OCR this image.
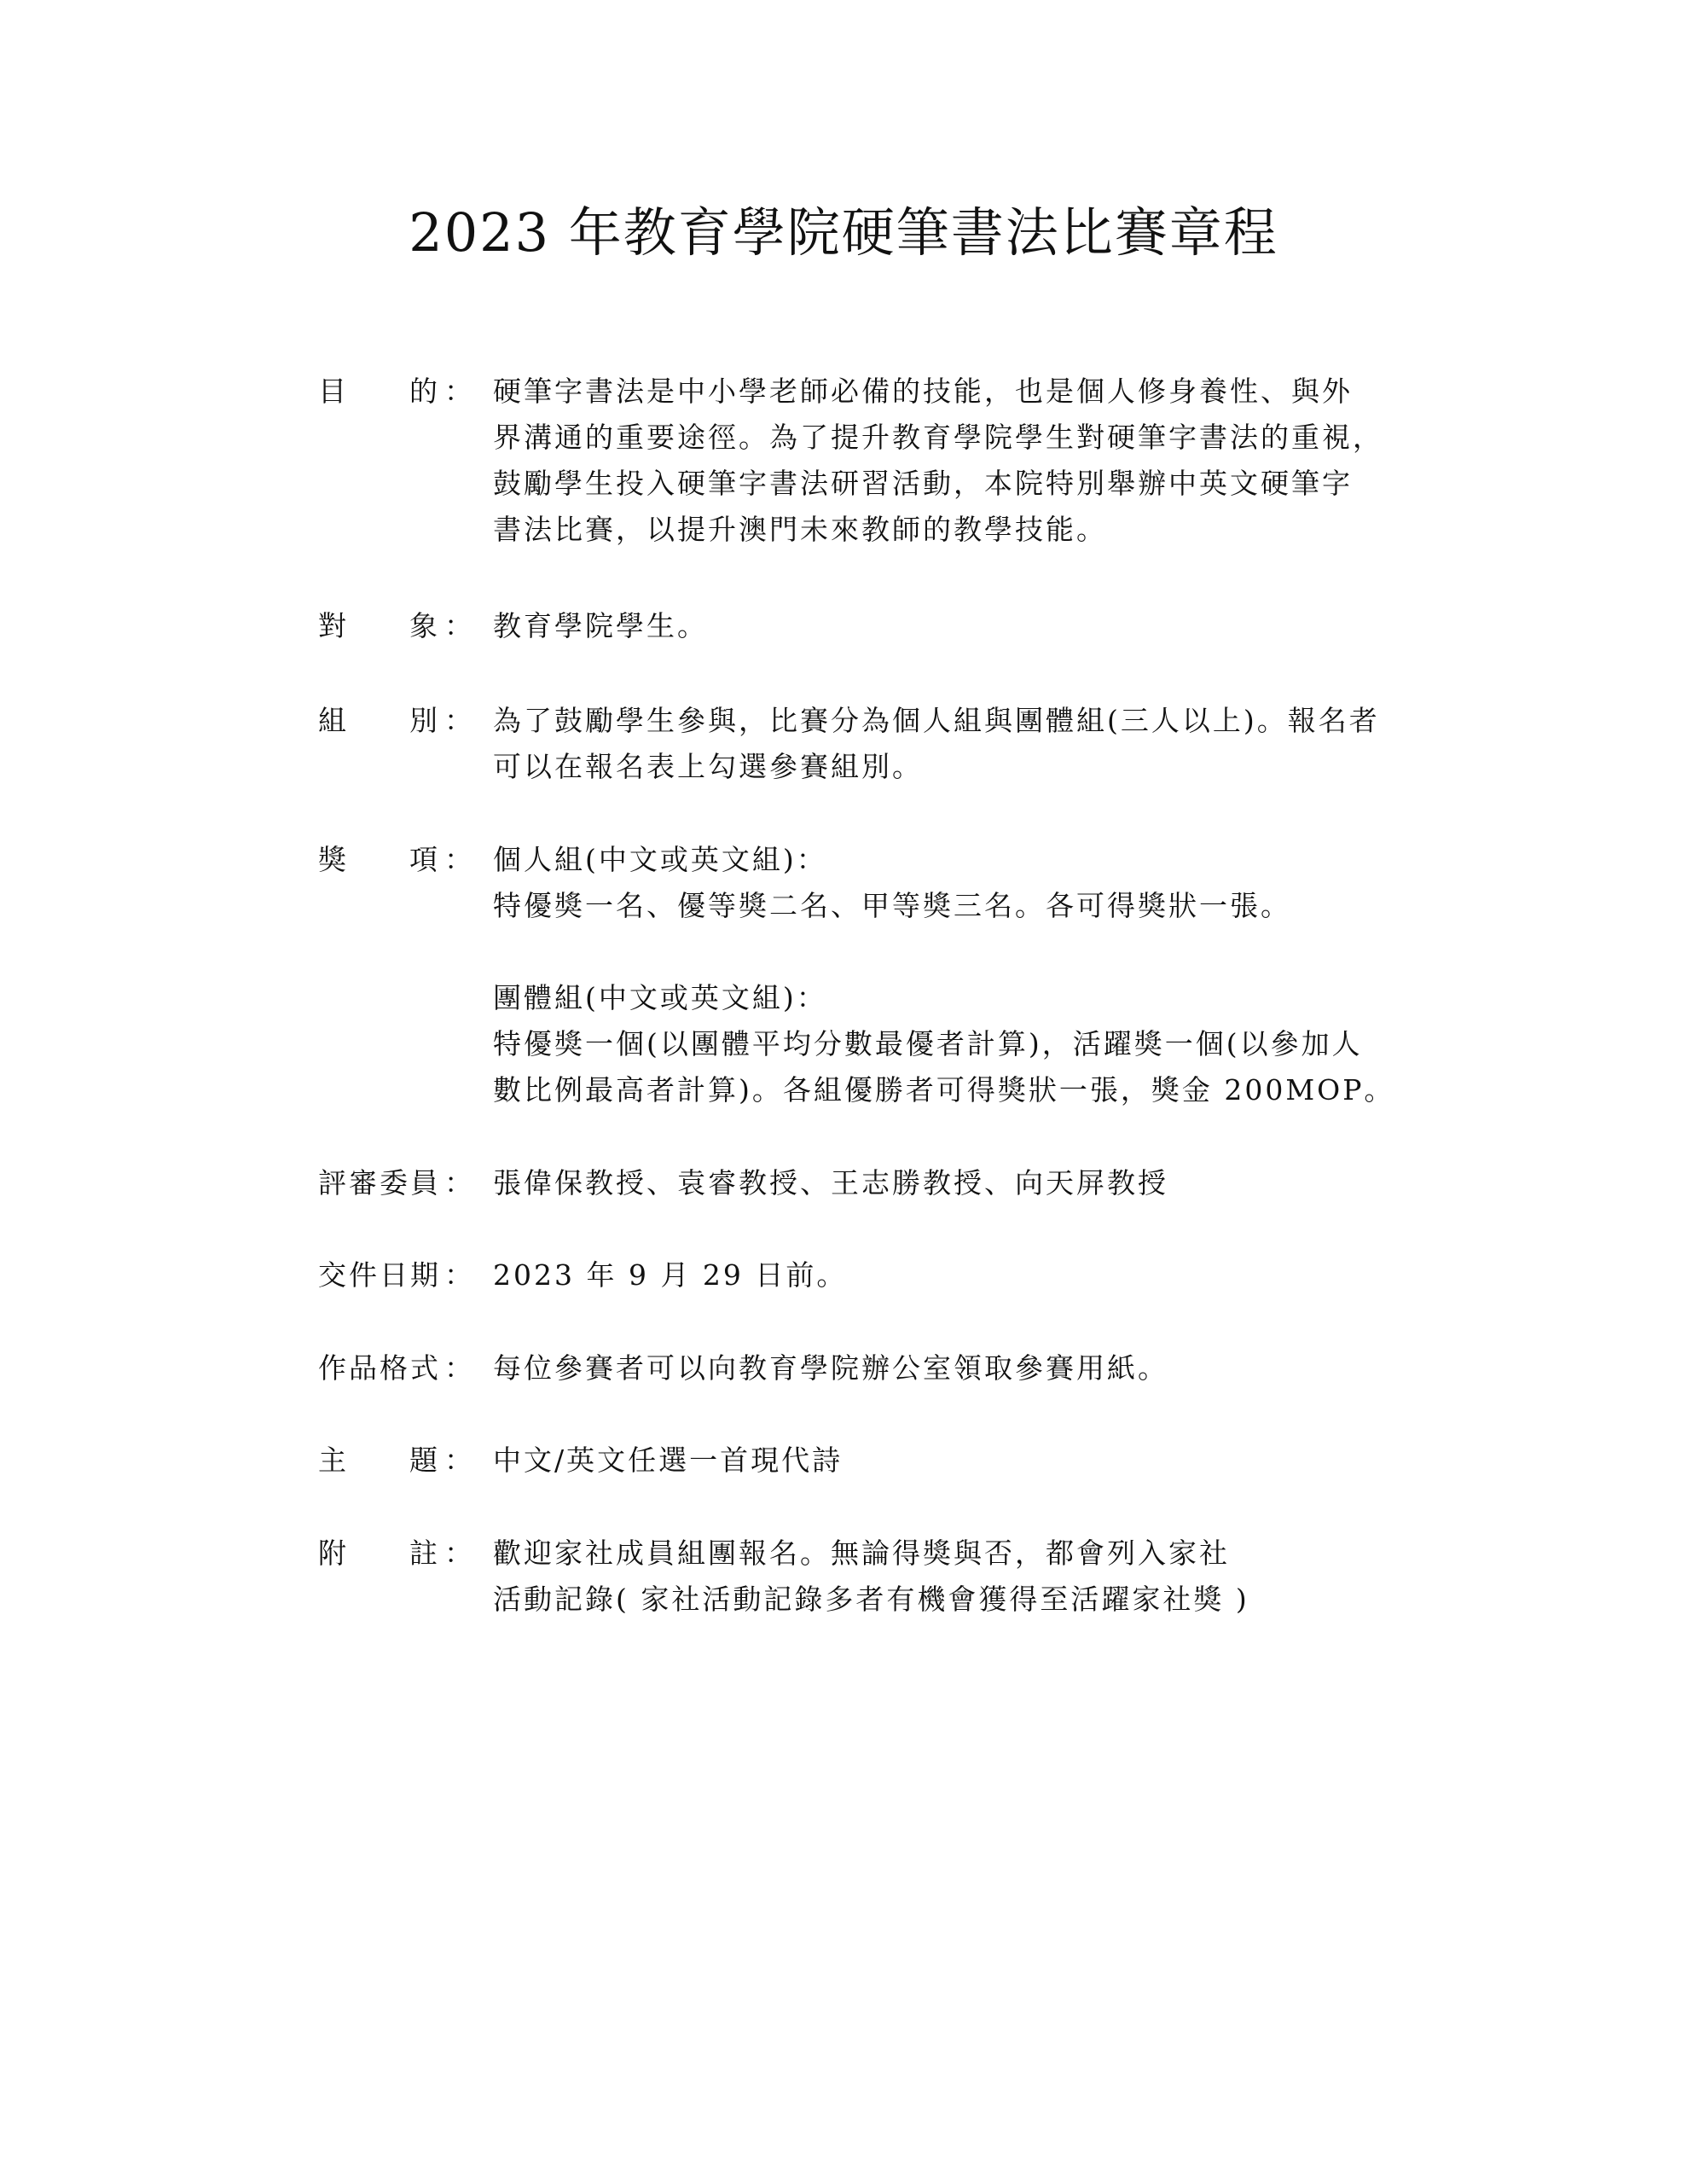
2023 年教育學院硬筆書法比賽章程
目 的 ： 硬筆字書法是中小學老師必備的技能，也是個人修身養性、與外
界溝通的重要途徑。為了提升教育學院學生對硬筆字書法的重視，
鼓勵學生投入硬筆字書法研習活動，本院特別舉辦中英文硬筆字
書法比賽，以提升澳門未來教師的教學技能。
對 象 ： 教育學院學生。
組 別 ： 為了鼓勵學生參與，比賽分為個人組與團體組(三人以上)。報名者
可以在報名表上勾選參賽組別。
獎 項 ： 個人組(中文或英文組)：
特優獎一名、優等獎二名、甲等獎三名。各可得獎狀一張。
團體組(中文或英文組)：
特優獎一個(以團體平均分數最優者計算)，活躍獎一個(以參加人
數比例最高者計算)。各組優勝者可得獎狀一張，獎金 200MOP。
評審委員 ： 張偉保教授、袁睿教授、王志勝教授、向天屏教授
交件日期 ： 2023 年 9 月 29 日前。
作品格式 ： 每位參賽者可以向教育學院辦公室領取參賽用紙。
主 題 ： 中文/英文任選一首現代詩
附 註 ： 歡迎家社成員組團報名。無論得獎與否，都會列入家社
活動記錄( 家社活動記錄多者有機會獲得至活躍家社獎 )
